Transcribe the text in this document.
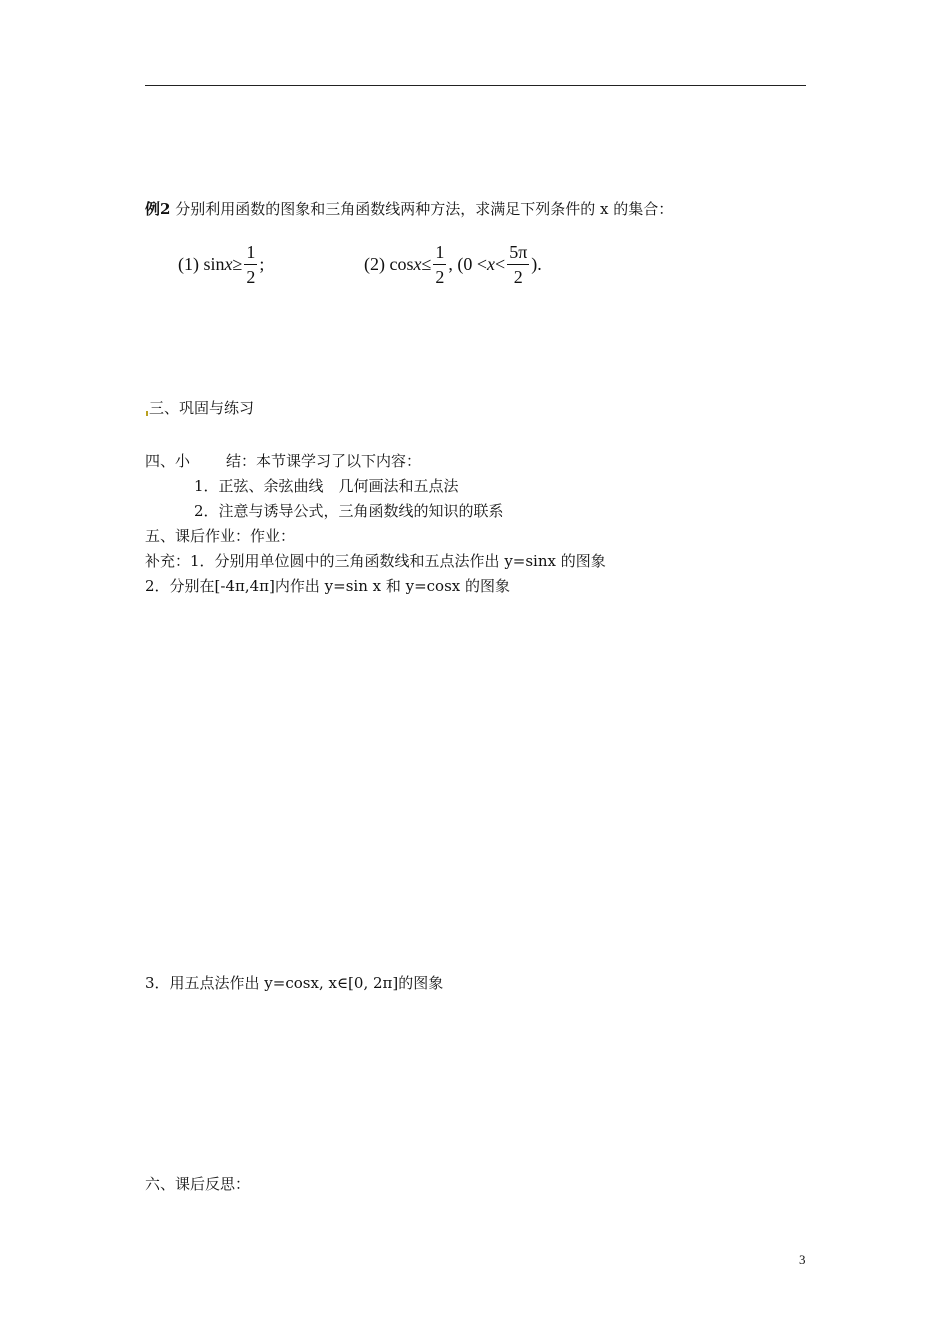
例2 分别利用函数的图象和三角函数线两种方法，求满足下列条件的 x 的集合：
(1) $\sin x \ge \frac{1}{2}$ ;	(2) $\cos x \le \frac{1}{2}$ , ($0 < x < \frac{5\pi}{2}$ ).
三、巩固与练习
四、小 结：本节课学习了以下内容：
1．正弦、余弦曲线　几何画法和五点法
2．注意与诱导公式，三角函数线的知识的联系
五、课后作业：作业：
补充：1．分别用单位圆中的三角函数线和五点法作出 y=sinx 的图象
2．分别在[-4π,4π]内作出 y=sin x 和 y=cosx 的图象
3．用五点法作出 y=cosx, x∈[0, 2π]的图象
六、课后反思：
3
